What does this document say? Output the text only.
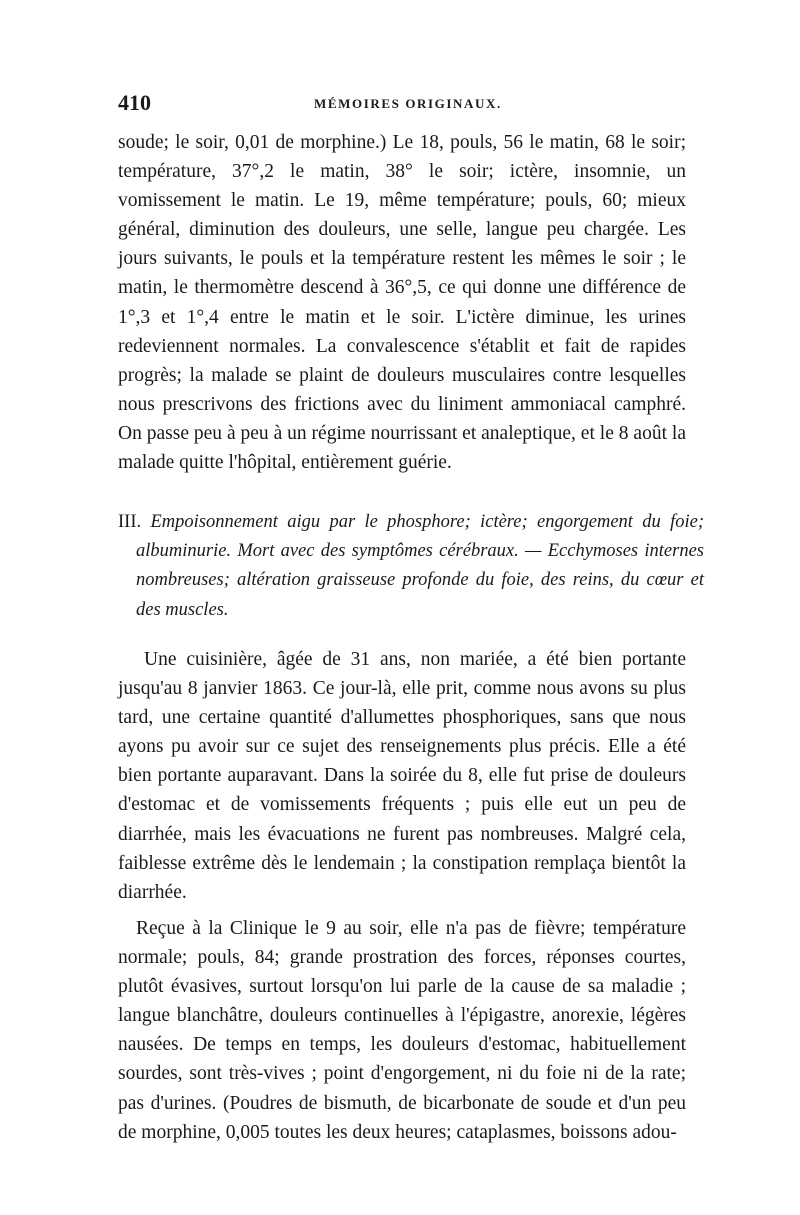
410	MÉMOIRES ORIGINAUX.

soude; le soir, 0,01 de morphine.) Le 18, pouls, 56 le matin, 68 le soir; température, 37°,2 le matin, 38° le soir; ictère, insomnie, un vomissement le matin. Le 19, même température; pouls, 60; mieux général, diminution des douleurs, une selle, langue peu chargée. Les jours suivants, le pouls et la température restent les mêmes le soir ; le matin, le thermomètre descend à 36°,5, ce qui donne une différence de 1°,3 et 1°,4 entre le matin et le soir. L'ictère diminue, les urines redeviennent normales. La convalescence s'établit et fait de rapides progrès; la malade se plaint de douleurs musculaires contre lesquelles nous prescrivons des frictions avec du liniment ammoniacal camphré. On passe peu à peu à un régime nourrissant et analeptique, et le 8 août la malade quitte l'hôpital, entièrement guérie.

III. Empoisonnement aigu par le phosphore; ictère; engorgement du foie; albuminurie. Mort avec des symptômes cérébraux. — Ecchymoses internes nombreuses; altération graisseuse profonde du foie, des reins, du cœur et des muscles.

Une cuisinière, âgée de 31 ans, non mariée, a été bien portante jusqu'au 8 janvier 1863. Ce jour-là, elle prit, comme nous avons su plus tard, une certaine quantité d'allumettes phosphoriques, sans que nous ayons pu avoir sur ce sujet des renseignements plus précis. Elle a été bien portante auparavant. Dans la soirée du 8, elle fut prise de douleurs d'estomac et de vomissements fréquents ; puis elle eut un peu de diarrhée, mais les évacuations ne furent pas nombreuses. Malgré cela, faiblesse extrême dès le lendemain ; la constipation remplaça bientôt la diarrhée.

Reçue à la Clinique le 9 au soir, elle n'a pas de fièvre; température normale; pouls, 84; grande prostration des forces, réponses courtes, plutôt évasives, surtout lorsqu'on lui parle de la cause de sa maladie ; langue blanchâtre, douleurs continuelles à l'épigastre, anorexie, légères nausées. De temps en temps, les douleurs d'estomac, habituellement sourdes, sont très-vives ; point d'engorgement, ni du foie ni de la rate; pas d'urines. (Poudres de bismuth, de bicarbonate de soude et d'un peu de morphine, 0,005 toutes les deux heures; cataplasmes, boissons adou-
